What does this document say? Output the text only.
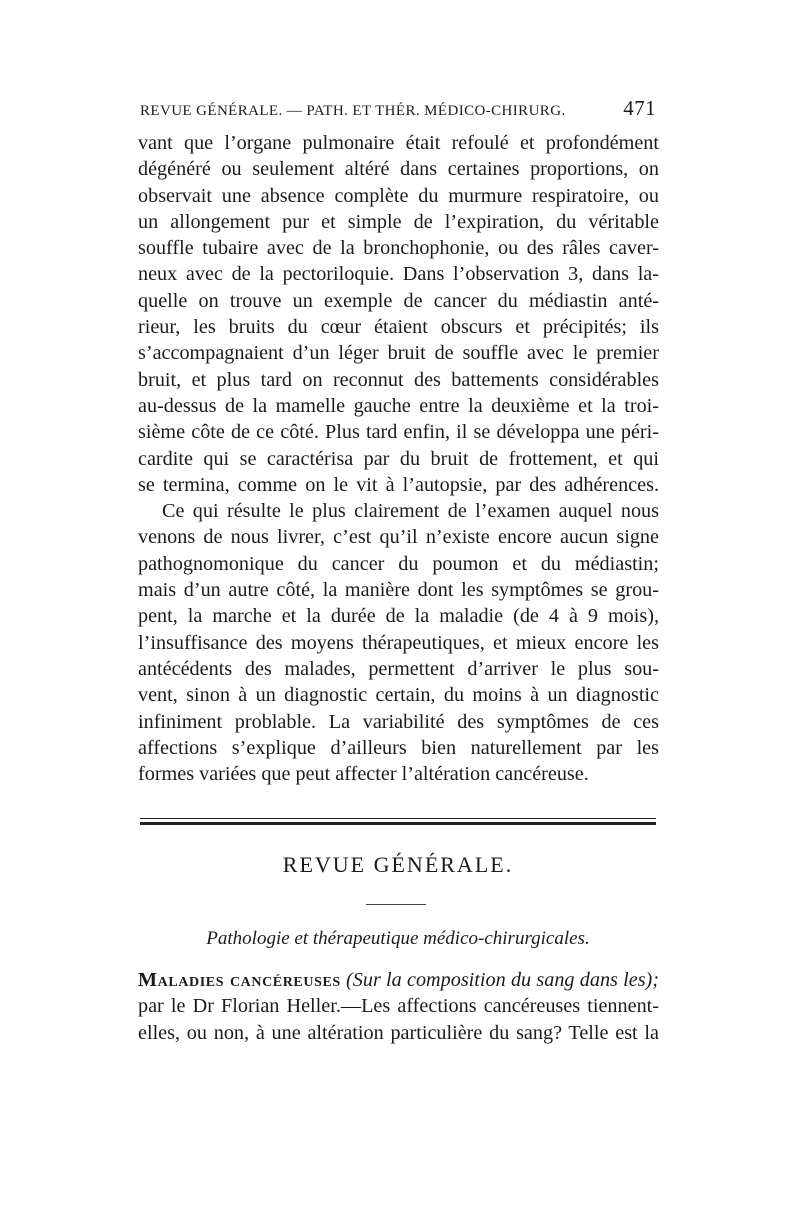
REVUE GÉNÉRALE. — PATH. ET THÉR. MÉDICO-CHIRURG.	471
vant que l’organe pulmonaire était refoulé et profondément
dégénéré ou seulement altéré dans certaines proportions, on
observait une absence complète du murmure respiratoire, ou
un allongement pur et simple de l’expiration, du véritable
souffle tubaire avec de la bronchophonie, ou des râles caver-
neux avec de la pectoriloquie. Dans l’observation 3, dans la-
quelle on trouve un exemple de cancer du médiastin anté-
rieur, les bruits du cœur étaient obscurs et précipités; ils
s’accompagnaient d’un léger bruit de souffle avec le premier
bruit, et plus tard on reconnut des battements considérables
au-dessus de la mamelle gauche entre la deuxième et la troi-
sième côte de ce côté. Plus tard enfin, il se développa une péri-
cardite qui se caractérisa par du bruit de frottement, et qui
se termina, comme on le vit à l’autopsie, par des adhérences.
Ce qui résulte le plus clairement de l’examen auquel nous
venons de nous livrer, c’est qu’il n’existe encore aucun signe
pathognomonique du cancer du poumon et du médiastin;
mais d’un autre côté, la manière dont les symptômes se grou-
pent, la marche et la durée de la maladie (de 4 à 9 mois),
l’insuffisance des moyens thérapeutiques, et mieux encore les
antécédents des malades, permettent d’arriver le plus sou-
vent, sinon à un diagnostic certain, du moins à un diagnostic
infiniment problable. La variabilité des symptômes de ces
affections s’explique d’ailleurs bien naturellement par les
formes variées que peut affecter l’altération cancéreuse.
REVUE GÉNÉRALE.
Pathologie et thérapeutique médico-chirurgicales.
Maladies cancéreuses (Sur la composition du sang dans les);
par le Dr Florian Heller.—Les affections cancéreuses tiennent-
elles, ou non, à une altération particulière du sang? Telle est la
